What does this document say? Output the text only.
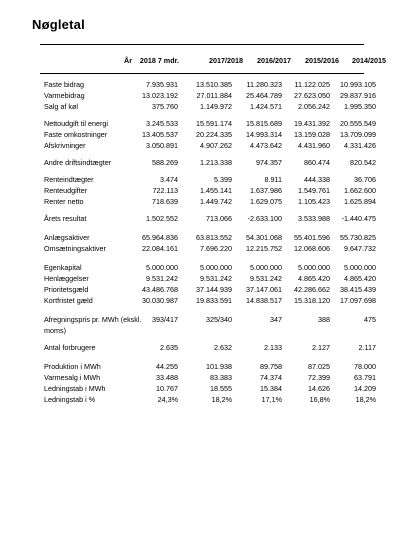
Nøgletal
År 2018 7 mdr.	2017/2018 2016/2017 2015/2016 2014/2015
Faste bidrag	7.935.931	13.510.385 11.280.323 11.122.025 10.993.105
Varmebidrag	13.023.192	27.011.884 25.464.789 27.623.050 29.837.916
Salg af køl	375.760	1.149.972	1.424.571 2.056.242 1.995.350
Nettoudgift til energi	3.245.533	15.591.174 15.815.689 19.431.392 20.555.549
Faste omkostninger	13.405.537	20.224.335 14.993.314 13.159.028 13.709.099
Afskrivninger	3.050.891	4.907.262	4.473.642 4.431.960 4.331.426
Andre driftsindtægter	588.269	1.213.338	974.357	860.474	820.542
Renteindtægter	3.474	5.399	8.911	444.338	36.706
Renteudgifter	722.113	1.455.141	1.637.986 1.549.761 1.662.600
Renter netto	718.639	1.449.742	1.629.075 1.105.423 1.625.894
Årets resultat	1.502.552	713.066 -2.633.100 3.533.988 -1.440.475
Anlægsaktiver	65.964.836	63.813.552 54.301.068 55.401.596 55.730.825
Omsætningsaktiver	22.084.161	7.696.220 12.215.752 12.068.606 9.647.732
Egenkapital	5.000.000	5.000.000	5.000.000 5.000.000 5.000.000
Henlæggelser	9.531.242	9.531.242	9.531.242 4.865.420 4.865.420
Prioritetsgæld	43.486.768	37.144.939 37.147.061 42.286.662 38.415.439
Kortfristet gæld	30.030.987	19.833.591 14.838.517 15.318.120 17.097.698
Afregningspris pr. MWh (ekskl. moms)
393/417	325/340	347	388	475
Antal forbrugere	2.635	2.632	2.133	2.127	2.117
Produktion i MWh	44.255	101.938	89.758	87.025	78.000
Varmesalg i MWh	33.488	83.383	74.374	72.399	63.791
Ledningstab i MWh	10.767	18.555	15.384	14.626	14.209
Ledningstab i %	24,3%	18,2%	17,1%	16,8%	18,2%
